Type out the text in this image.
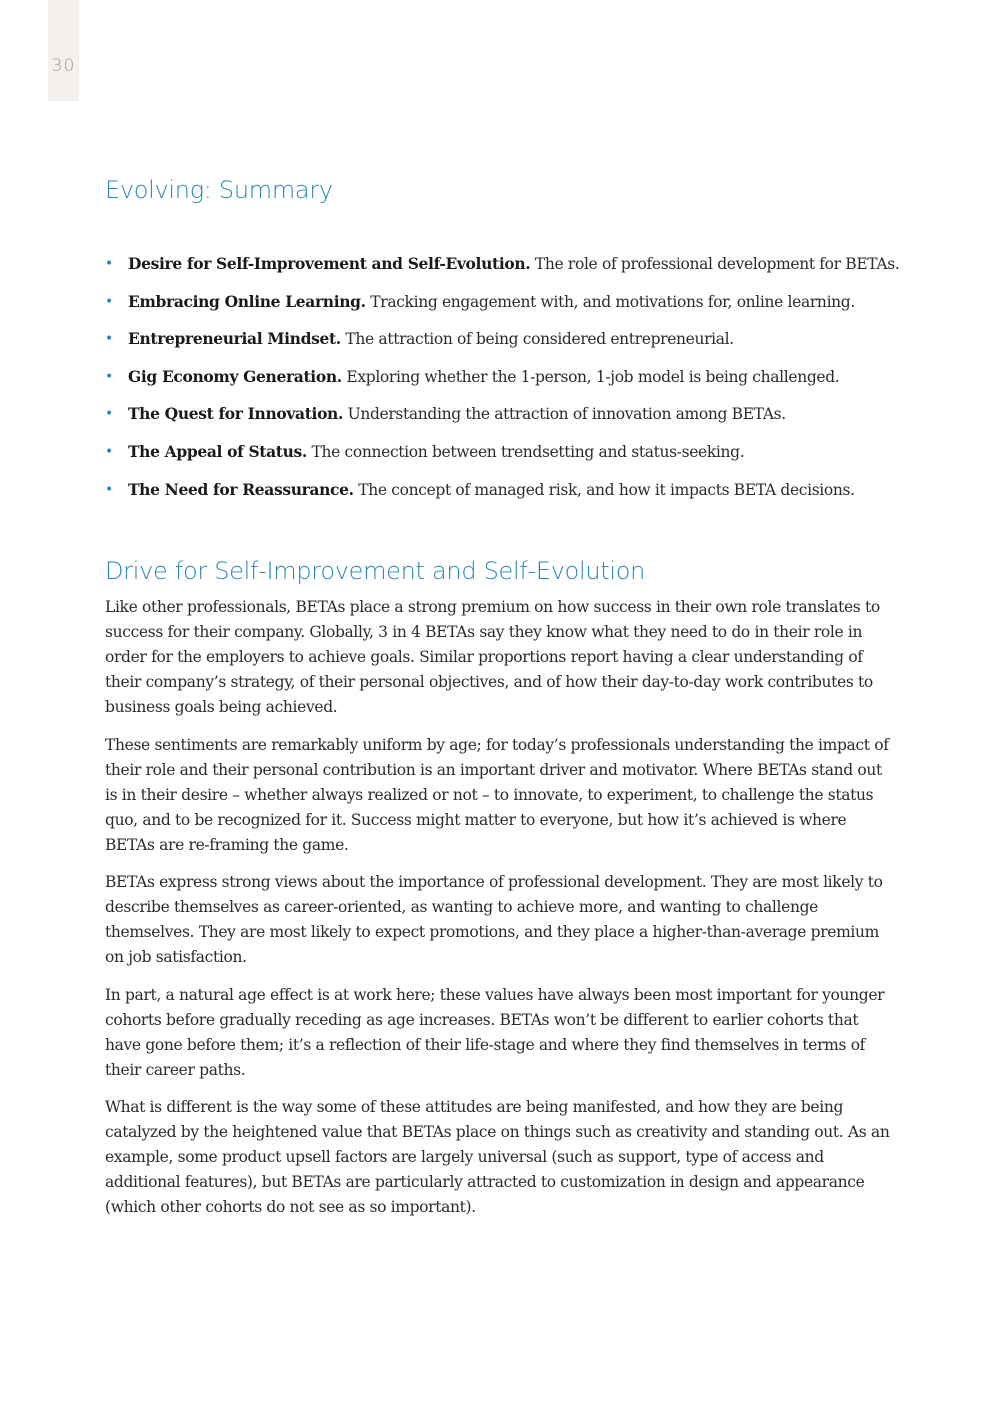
30
Evolving: Summary
• Desire for Self-Improvement and Self-Evolution. The role of professional development for BETAs.
• Embracing Online Learning. Tracking engagement with, and motivations for, online learning.
• Entrepreneurial Mindset. The attraction of being considered entrepreneurial.
• Gig Economy Generation. Exploring whether the 1-person, 1-job model is being challenged.
• The Quest for Innovation. Understanding the attraction of innovation among BETAs.
• The Appeal of Status. The connection between trendsetting and status-seeking.
• The Need for Reassurance. The concept of managed risk, and how it impacts BETA decisions.
Drive for Self-Improvement and Self-Evolution

Like other professionals, BETAs place a strong premium on how success in their own role translates to success for their company. Globally, 3 in 4 BETAs say they know what they need to do in their role in order for the employers to achieve goals. Similar proportions report having a clear understanding of their company’s strategy, of their personal objectives, and of how their day-to-day work contributes to business goals being achieved.

These sentiments are remarkably uniform by age; for today’s professionals understanding the impact of their role and their personal contribution is an important driver and motivator. Where BETAs stand out is in their desire – whether always realized or not – to innovate, to experiment, to challenge the status quo, and to be recognized for it. Success might matter to everyone, but how it’s achieved is where BETAs are re-framing the game.

BETAs express strong views about the importance of professional development. They are most likely to describe themselves as career-oriented, as wanting to achieve more, and wanting to challenge themselves. They are most likely to expect promotions, and they place a higher-than-average premium on job satisfaction.

In part, a natural age effect is at work here; these values have always been most important for younger cohorts before gradually receding as age increases. BETAs won’t be different to earlier cohorts that have gone before them; it’s a reflection of their life-stage and where they find themselves in terms of their career paths.

What is different is the way some of these attitudes are being manifested, and how they are being catalyzed by the heightened value that BETAs place on things such as creativity and standing out. As an example, some product upsell factors are largely universal (such as support, type of access and additional features), but BETAs are particularly attracted to customization in design and appearance (which other cohorts do not see as so important).
